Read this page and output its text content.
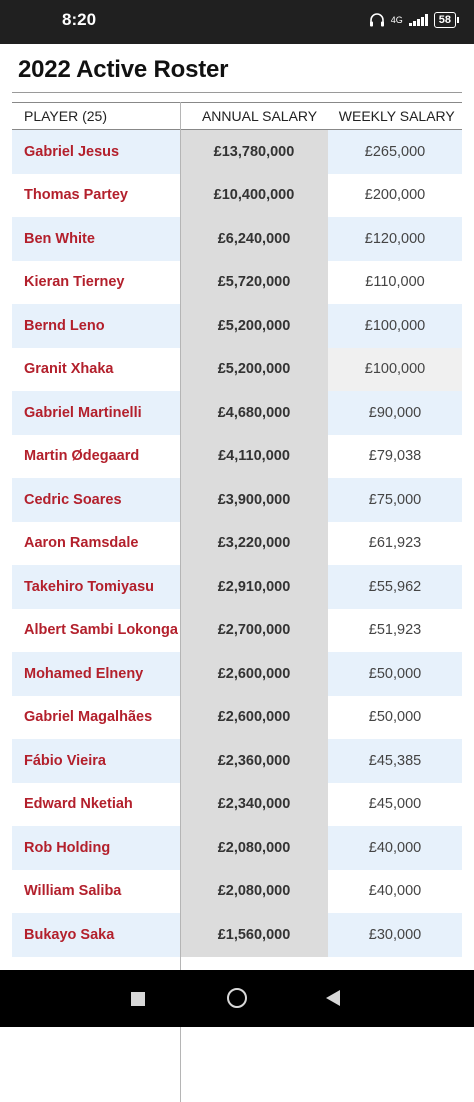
8:20	4G	58
2022 Active Roster
PLAYER (25)	ANNUAL SALARY	WEEKLY SALARY
Gabriel Jesus	£13,780,000	£265,000
Thomas Partey	£10,400,000	£200,000
Ben White	£6,240,000	£120,000
Kieran Tierney	£5,720,000	£110,000
Bernd Leno	£5,200,000	£100,000
Granit Xhaka	£5,200,000	£100,000
Gabriel Martinelli	£4,680,000	£90,000
Martin Ødegaard	£4,110,000	£79,038
Cedric Soares	£3,900,000	£75,000
Aaron Ramsdale	£3,220,000	£61,923
Takehiro Tomiyasu	£2,910,000	£55,962
Albert Sambi Lokonga	£2,700,000	£51,923
Mohamed Elneny	£2,600,000	£50,000
Gabriel Magalhães	£2,600,000	£50,000
Fábio Vieira	£2,360,000	£45,385
Edward Nketiah	£2,340,000	£45,000
Rob Holding	£2,080,000	£40,000
William Saliba	£2,080,000	£40,000
Bukayo Saka	£1,560,000	£30,000
